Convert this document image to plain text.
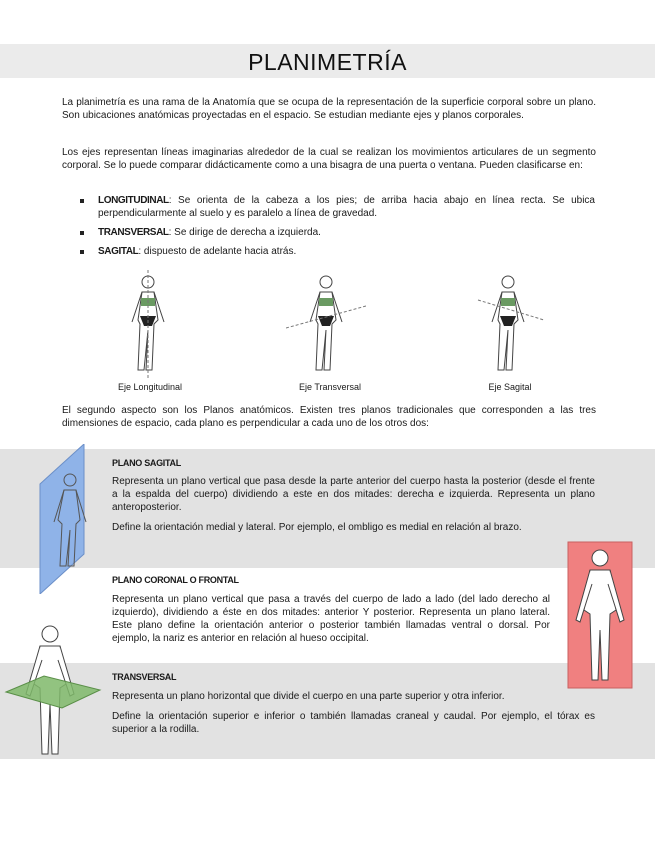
PLANIMETRÍA
La planimetría es una rama de la Anatomía que se ocupa de la representación de la superficie corporal sobre un plano. Son ubicaciones anatómicas proyectadas en el espacio. Se estudian mediante ejes y planos corporales.
Los ejes representan líneas imaginarias alrededor de la cual se realizan los movimientos articulares de un segmento corporal. Se lo puede comparar didácticamente como a una bisagra de una puerta o ventana. Pueden clasificarse en:
LONGITUDINAL: Se orienta de la cabeza a los pies; de arriba hacia abajo en línea recta. Se ubica perpendicularmente al suelo y es paralelo a línea de gravedad.
TRANSVERSAL: Se dirige de derecha a izquierda.
SAGITAL: dispuesto de adelante hacia atrás.
Eje Longitudinal	Eje Transversal	Eje Sagital
El segundo aspecto son los Planos anatómicos. Existen tres planos tradicionales que corresponden a las tres dimensiones de espacio, cada plano es perpendicular a cada uno de los otros dos:
PLANO SAGITAL
Representa un plano vertical que pasa desde la parte anterior del cuerpo hasta la posterior (desde el frente a la espalda del cuerpo) dividiendo a este en dos mitades: derecha e izquierda. Representa un plano anteroposterior.
Define la orientación medial y lateral. Por ejemplo, el ombligo es medial en relación al brazo.
PLANO CORONAL O FRONTAL
Representa un plano vertical que pasa a través del cuerpo de lado a lado (del lado derecho al izquierdo), dividiendo a éste en dos mitades: anterior Y posterior. Representa un plano lateral. Este plano define la orientación anterior o posterior también llamadas ventral o dorsal. Por ejemplo, la nariz es anterior en relación al hueso occipital.
TRANSVERSAL
Representa un plano horizontal que divide el cuerpo en una parte superior y otra inferior.
Define la orientación superior e inferior o también llamadas craneal y caudal. Por ejemplo, el tórax es superior a la rodilla.
